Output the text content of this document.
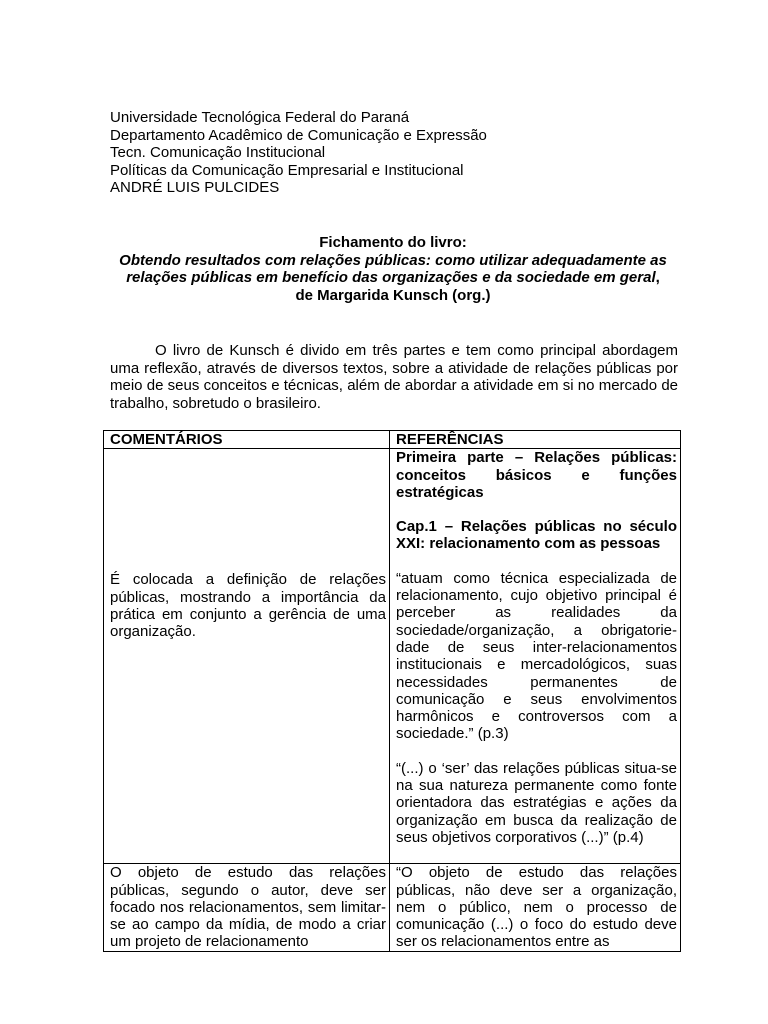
Universidade Tecnológica Federal do Paraná
Departamento Acadêmico de Comunicação e Expressão
Tecn. Comunicação Institucional
Políticas da Comunicação Empresarial e Institucional
ANDRÉ LUIS PULCIDES
Fichamento do livro:
Obtendo resultados com relações públicas: como utilizar adequadamente as
relações públicas em benefício das organizações e da sociedade em geral,
de Margarida Kunsch (org.)

O livro de Kunsch é divido em três partes e tem como principal abordagem uma reflexão, através de diversos textos, sobre a atividade de relações públicas por meio de seus conceitos e técnicas, além de abordar a atividade em si no mercado de trabalho, sobretudo o brasileiro.

COMENTÁRIOS	REFERÊNCIAS

É colocada a definição de relações públicas, mostrando a importância da prática em conjunto a gerência de uma organização.	Primeira parte – Relações públicas: conceitos básicos e funções estratégicas

Cap.1 – Relações públicas no século XXI: relacionamento com as pessoas

“atuam como técnica especializada de relacionamento, cujo objetivo principal é perceber as realidades da sociedade/organização, a obrigatorie-dade de seus inter-relacionamentos institucionais e mercadológicos, suas necessidades permanentes de comunicação e seus envolvimentos harmônicos e controversos com a sociedade.” (p.3)

“(...) o ‘ser’ das relações públicas situa-se na sua natureza permanente como fonte orientadora das estratégias e ações da organização em busca da realização de seus objetivos corporativos (...)” (p.4)

O objeto de estudo das relações públicas, segundo o autor, deve ser focado nos relacionamentos, sem limitar-se ao campo da mídia, de modo a criar um projeto de relacionamento	“O objeto de estudo das relações públicas, não deve ser a organização, nem o público, nem o processo de comunicação (...) o foco do estudo deve ser os relacionamentos entre as
